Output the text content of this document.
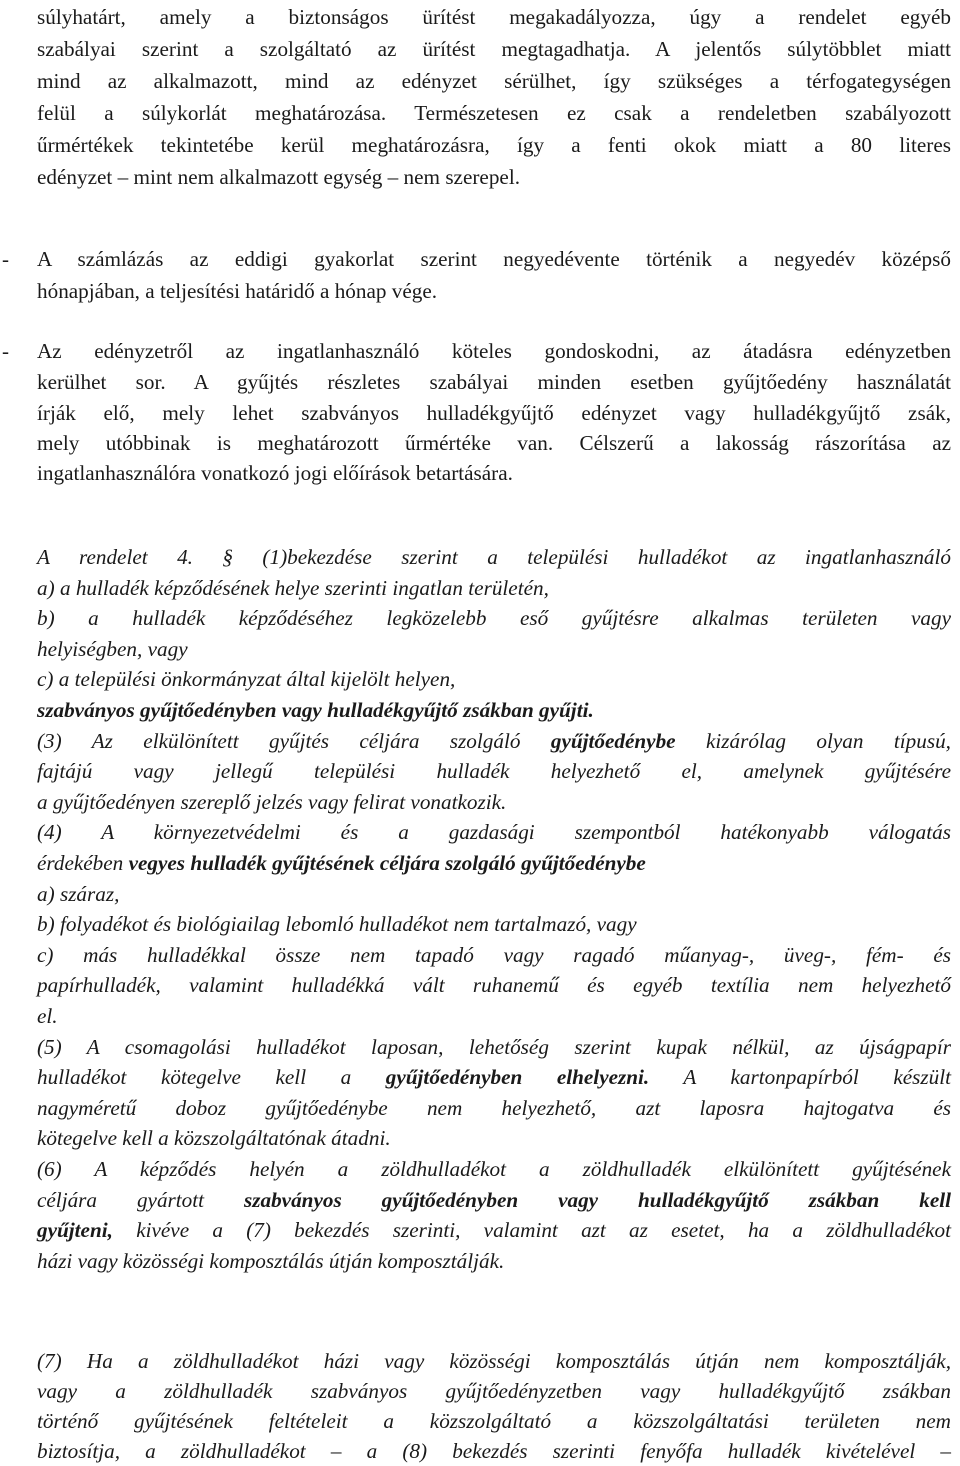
súlyhatárt, amely a biztonságos ürítést megakadályozza, úgy a rendelet egyéb
szabályai szerint a szolgáltató az ürítést megtagadhatja. A jelentős súlytöbblet miatt
mind az alkalmazott, mind az edényzet sérülhet, így szükséges a térfogategységen
felül a súlykorlát meghatározása. Természetesen ez csak a rendeletben szabályozott
űrmértékek tekintetébe kerül meghatározásra, így a fenti okok miatt a 80 literes
edényzet – mint nem alkalmazott egység – nem szerepel.
- A számlázás az eddigi gyakorlat szerint negyedévente történik a negyedév középső
hónapjában, a teljesítési határidő a hónap vége.
- Az edényzetről az ingatlanhasználó köteles gondoskodni, az átadásra edényzetben
kerülhet sor. A gyűjtés részletes szabályai minden esetben gyűjtőedény használatát
írják elő, mely lehet szabványos hulladékgyűjtő edényzet vagy hulladékgyűjtő zsák,
mely utóbbinak is meghatározott űrmértéke van. Célszerű a lakosság rászorítása az
ingatlanhasználóra vonatkozó jogi előírások betartására.
A rendelet 4. § (1)bekezdése szerint a települési hulladékot az ingatlanhasználó
a) a hulladék képződésének helye szerinti ingatlan területén,
b) a hulladék képződéséhez legközelebb eső gyűjtésre alkalmas területen vagy
helyiségben, vagy
c) a települési önkormányzat által kijelölt helyen,
szabványos gyűjtőedényben vagy hulladékgyűjtő zsákban gyűjti.
(3) Az elkülönített gyűjtés céljára szolgáló gyűjtőedénybe kizárólag olyan típusú,
fajtájú vagy jellegű települési hulladék helyezhető el, amelynek gyűjtésére
a gyűjtőedényen szereplő jelzés vagy felirat vonatkozik.
(4) A környezetvédelmi és a gazdasági szempontból hatékonyabb válogatás
érdekében vegyes hulladék gyűjtésének céljára szolgáló gyűjtőedénybe
a) száraz,
b) folyadékot és biológiailag lebomló hulladékot nem tartalmazó, vagy
c) más hulladékkal össze nem tapadó vagy ragadó műanyag-, üveg-, fém- és
papírhulladék, valamint hulladékká vált ruhanemű és egyéb textília nem helyezhető
el.
(5) A csomagolási hulladékot laposan, lehetőség szerint kupak nélkül, az újságpapír
hulladékot kötegelve kell a gyűjtőedényben elhelyezni. A kartonpapírból készült
nagyméretű doboz gyűjtőedénybe nem helyezhető, azt laposra hajtogatva és
kötegelve kell a közszolgáltatónak átadni.
(6) A képződés helyén a zöldhulladékot a zöldhulladék elkülönített gyűjtésének
céljára gyártott szabványos gyűjtőedényben vagy hulladékgyűjtő zsákban kell
gyűjteni, kivéve a (7) bekezdés szerinti, valamint azt az esetet, ha a zöldhulladékot
házi vagy közösségi komposztálás útján komposztálják.
(7) Ha a zöldhulladékot házi vagy közösségi komposztálás útján nem komposztálják,
vagy a zöldhulladék szabványos gyűjtőedényzetben vagy hulladékgyűjtő zsákban
történő gyűjtésének feltételeit a közszolgáltató a közszolgáltatási területen nem
biztosítja, a zöldhulladékot – a (8) bekezdés szerinti fenyőfa hulladék kivételével –
